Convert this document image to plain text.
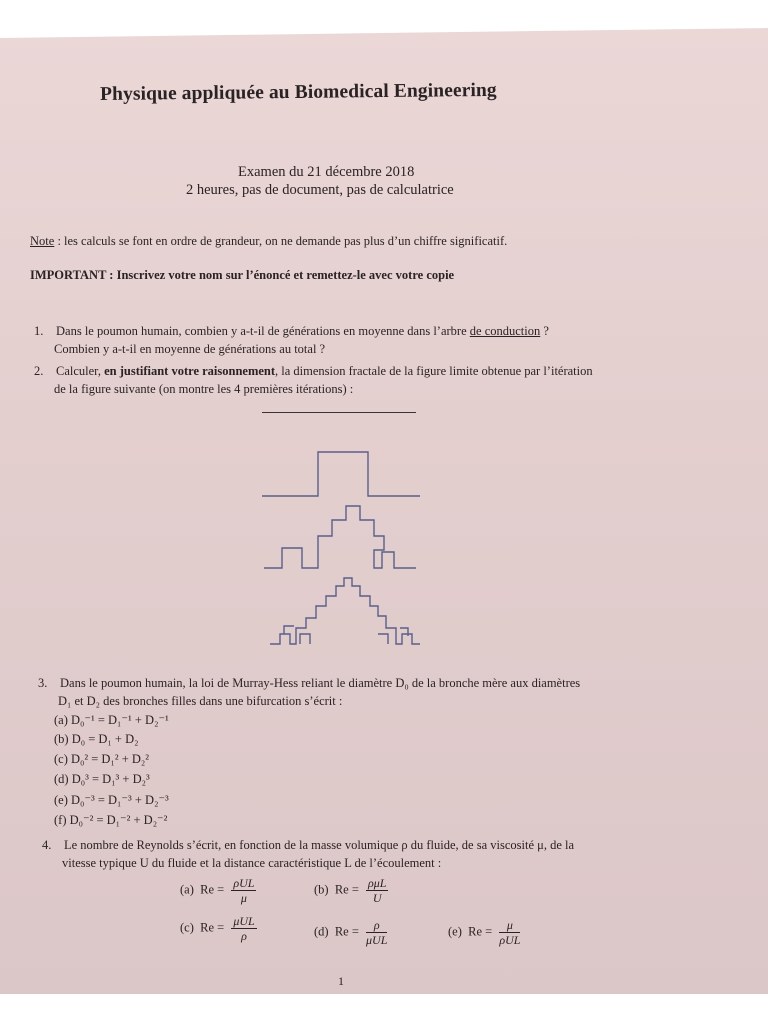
Physique appliquée au Biomedical Engineering
Examen du 21 décembre 2018
2 heures, pas de document, pas de calculatrice
Note : les calculs se font en ordre de grandeur, on ne demande pas plus d’un chiffre significatif.
IMPORTANT : Inscrivez votre nom sur l’énoncé et remettez-le avec votre copie
1. Dans le poumon humain, combien y a-t-il de générations en moyenne dans l’arbre de conduction ?
Combien y a-t-il en moyenne de générations au total ?
2. Calculer, en justifiant votre raisonnement, la dimension fractale de la figure limite obtenue par l’itération
de la figure suivante (on montre les 4 premières itérations) :
3. Dans le poumon humain, la loi de Murray-Hess reliant le diamètre D₀ de la bronche mère aux diamètres
D₁ et D₂ des bronches filles dans une bifurcation s’écrit :
(a) D₀⁻¹ = D₁⁻¹ + D₂⁻¹
(b) D₀ = D₁ + D₂
(c) D₀² = D₁² + D₂²
(d) D₀³ = D₁³ + D₂³
(e) D₀⁻³ = D₁⁻³ + D₂⁻³
(f) D₀⁻² = D₁⁻² + D₂⁻²
4. Le nombre de Reynolds s’écrit, en fonction de la masse volumique ρ du fluide, de sa viscosité μ, de la
vitesse typique U du fluide et la distance caractéristique L de l’écoulement :
(a) $Re = \frac{\text{ρUL}}{\mu}$	(b) $Re = \frac{\text{ρμL}}{U}$
(c) $Re = \frac{\text{μUL}}{\rho}$	(d) $Re = \frac{\rho}{\text{μUL}}$	(e) $Re = \frac{\mu}{\text{ρUL}}$
1
